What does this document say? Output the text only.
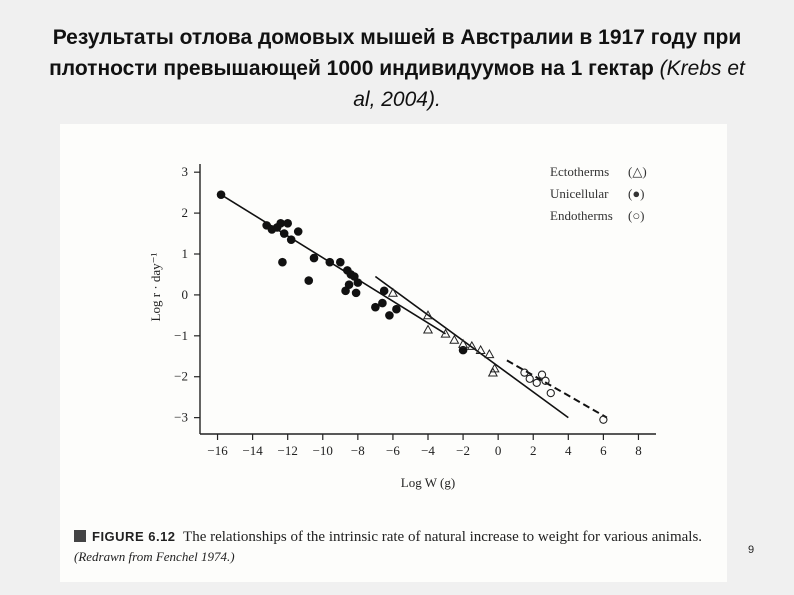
Результаты отлова домовых мышей в Австралии в 1917 году при плотности превышающей 1000 индивидуумов на 1 гектар (Krebs et al, 2004).
−16 −14 −12 −10 −8 −6 −4 −2 0 2 4 6 8
3
2
1
0
−1
−2
−3
Ectotherms (△)
Unicellular (●)
Endotherms (○)
Log W (g)
Log r · day⁻¹
FIGURE 6.12 The relationships of the intrinsic rate of natural increase to weight for various animals. (Redrawn from Fenchel 1974.)	9
